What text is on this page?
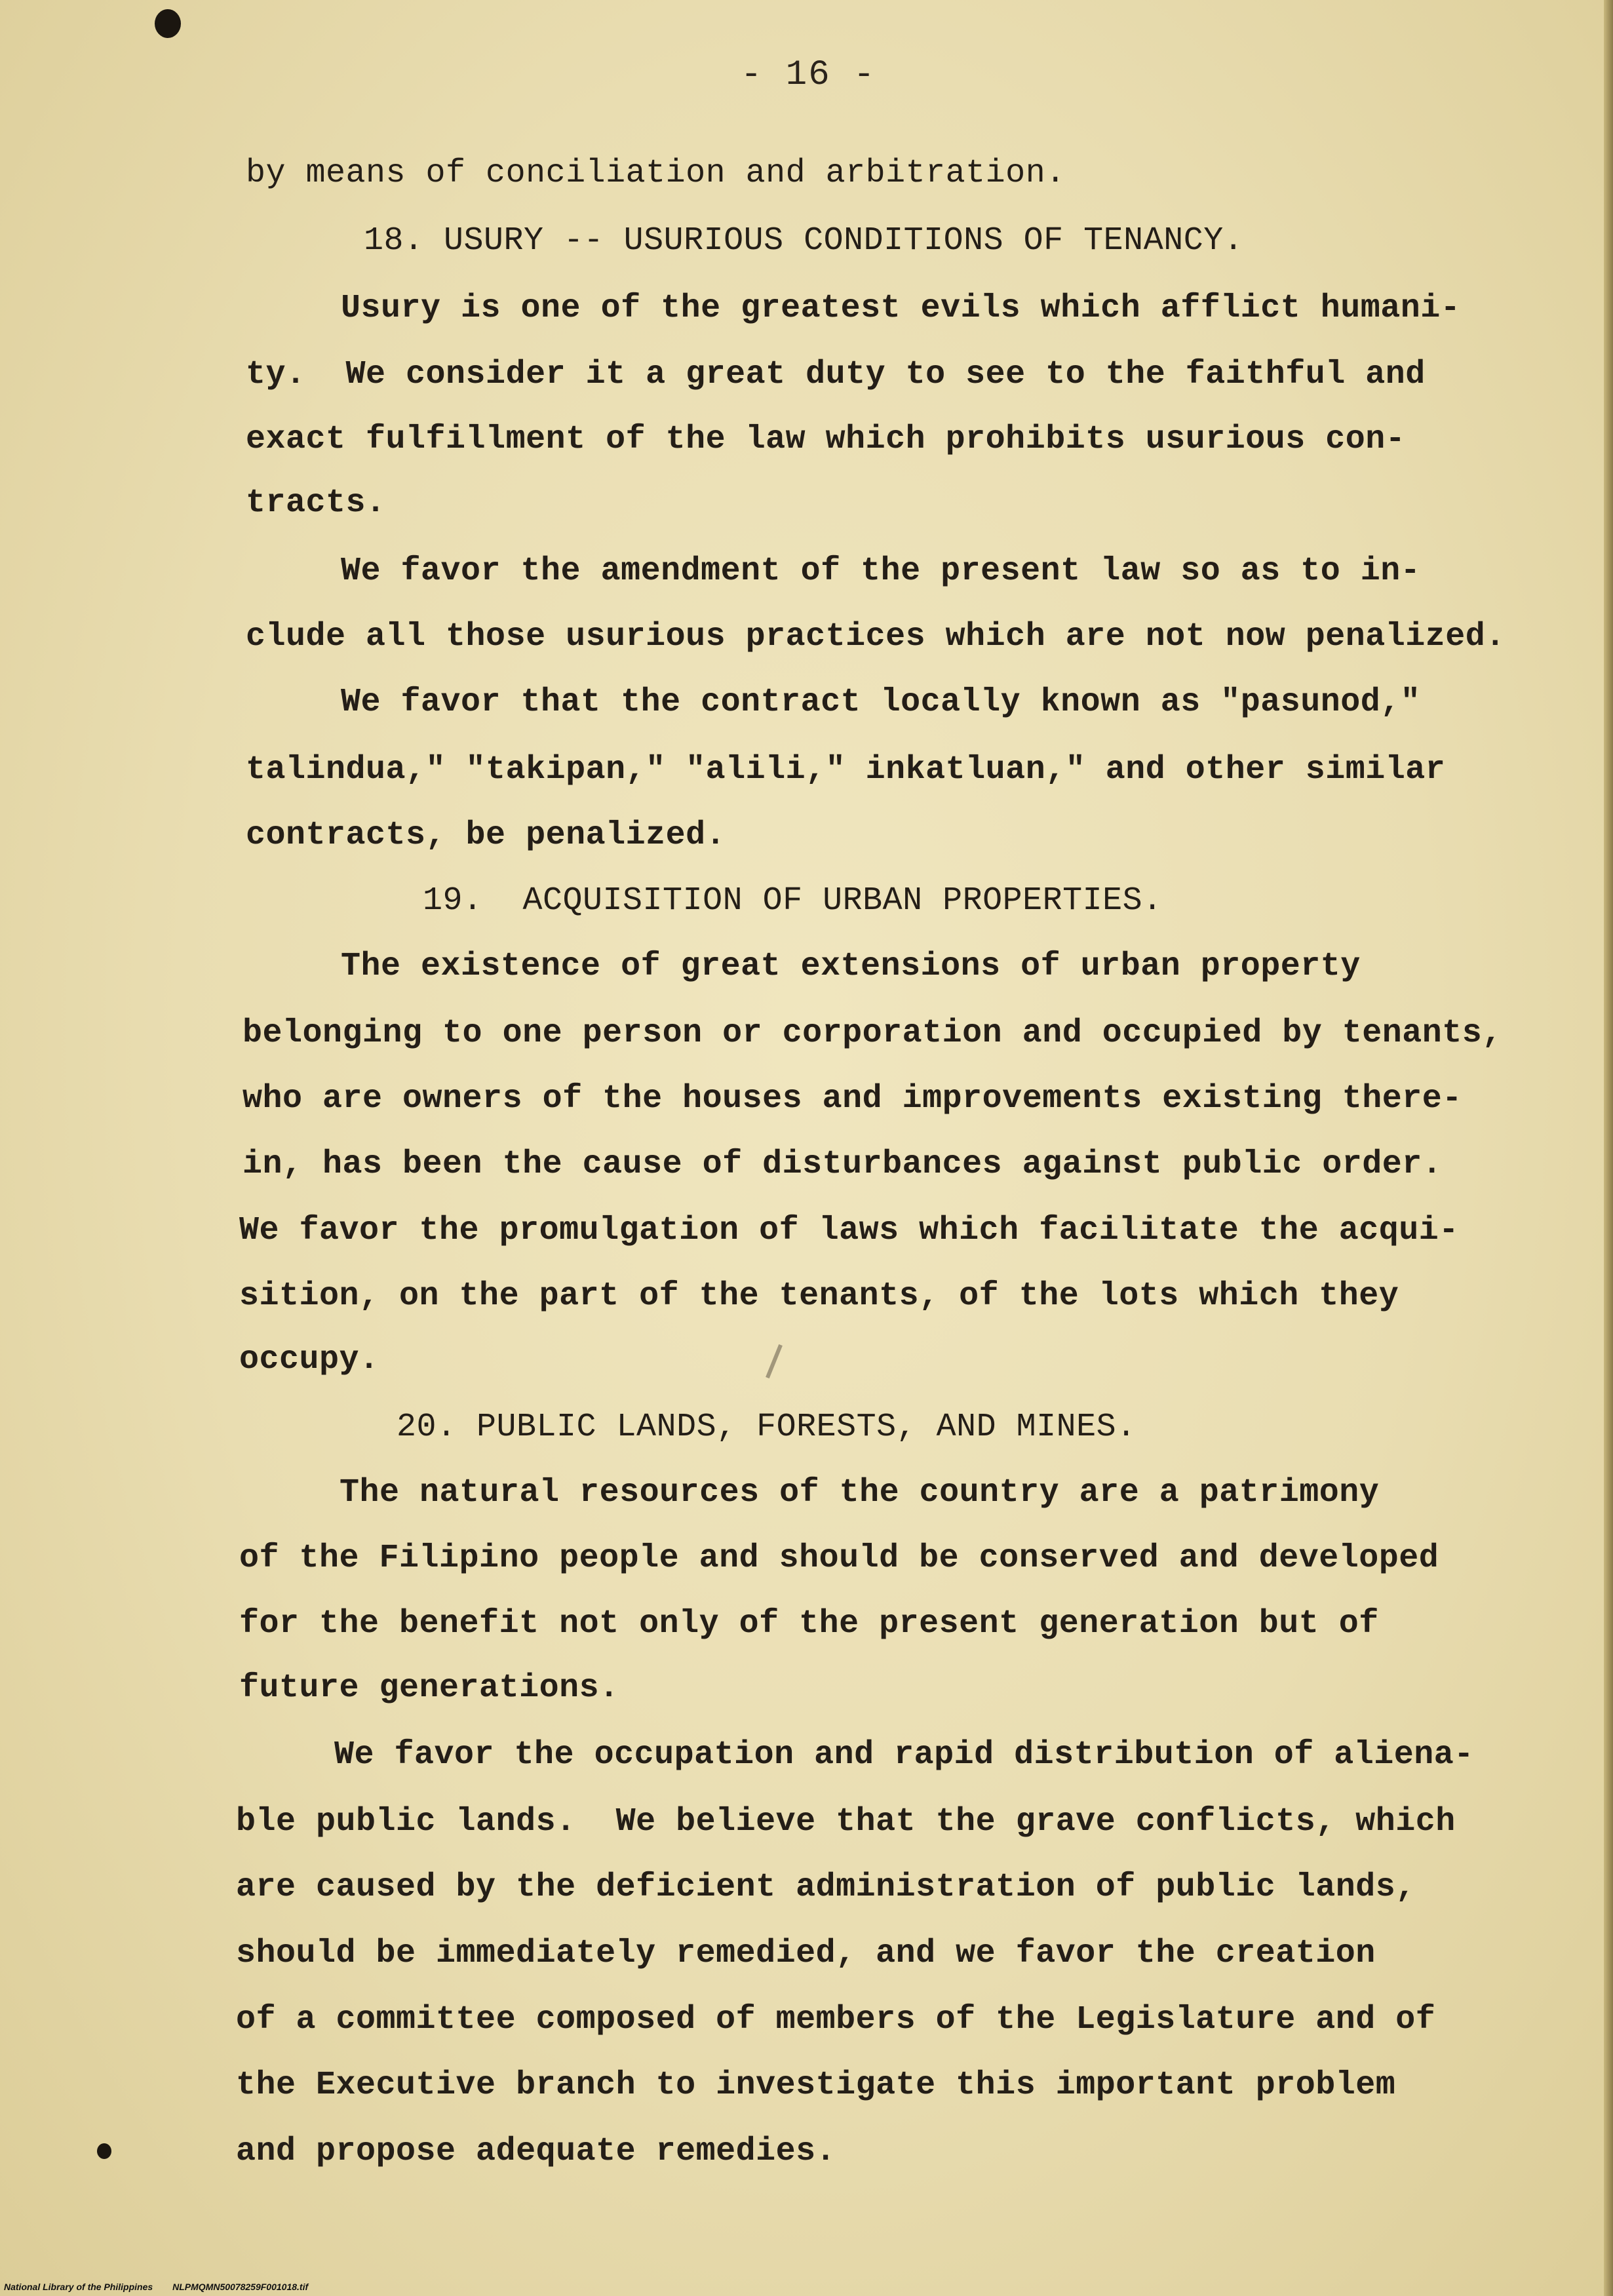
- 16 -
by means of conciliation and arbitration.
18. USURY -- USURIOUS CONDITIONS OF TENANCY.
Usury is one of the greatest evils which afflict humani-
ty.  We consider it a great duty to see to the faithful and
exact fulfillment of the law which prohibits usurious con-
tracts.
We favor the amendment of the present law so as to in-
clude all those usurious practices which are not now penalized.
We favor that the contract locally known as "pasunod,"
talindua," "takipan," "alili," inkatluan," and other similar
contracts, be penalized.
19.  ACQUISITION OF URBAN PROPERTIES.
The existence of great extensions of urban property
belonging to one person or corporation and occupied by tenants,
who are owners of the houses and improvements existing there-
in, has been the cause of disturbances against public order.
We favor the promulgation of laws which facilitate the acqui-
sition, on the part of the tenants, of the lots which they
occupy.
20. PUBLIC LANDS, FORESTS, AND MINES.
The natural resources of the country are a patrimony
of the Filipino people and should be conserved and developed
for the benefit not only of the present generation but of
future generations.
We favor the occupation and rapid distribution of aliena-
ble public lands.  We believe that the grave conflicts, which
are caused by the deficient administration of public lands,
should be immediately remedied, and we favor the creation
of a committee composed of members of the Legislature and of
the Executive branch to investigate this important problem
and propose adequate remedies.
National Library of the Philippines NLPMQMN50078259F001018.tif
